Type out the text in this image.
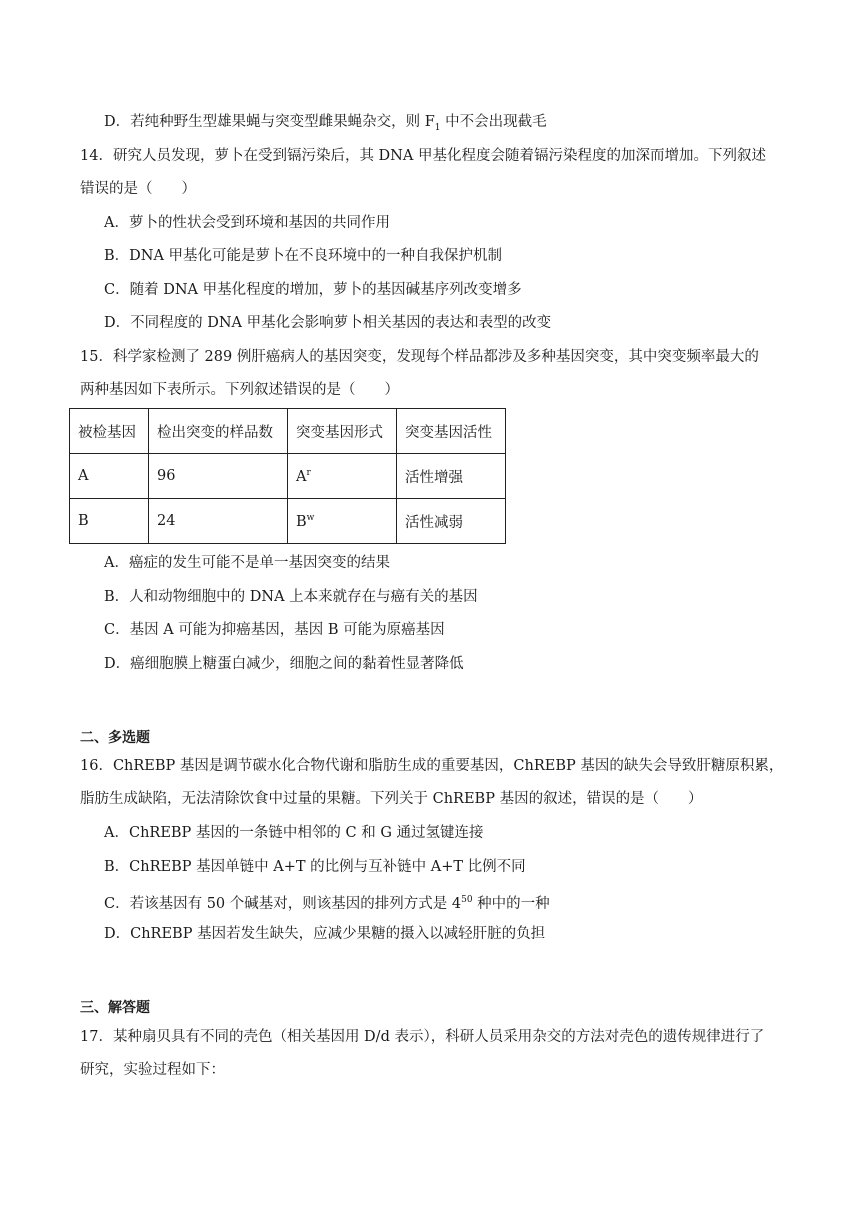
D．若纯种野生型雄果蝇与突变型雌果蝇杂交，则 $F_1$ 中不会出现截毛
14．研究人员发现，萝卜在受到镉污染后，其 DNA 甲基化程度会随着镉污染程度的加深而增加。下列叙述
错误的是（　　）
A．萝卜的性状会受到环境和基因的共同作用
B．DNA 甲基化可能是萝卜在不良环境中的一种自我保护机制
C．随着 DNA 甲基化程度的增加，萝卜的基因碱基序列改变增多
D．不同程度的 DNA 甲基化会影响萝卜相关基因的表达和表型的改变
15．科学家检测了 289 例肝癌病人的基因突变，发现每个样品都涉及多种基因突变，其中突变频率最大的
两种基因如下表所示。下列叙述错误的是（　　）
被检基因	检出突变的样品数	突变基因形式	突变基因活性
A	96	$A^r$	活性增强
B	24	$B^w$	活性减弱
A．癌症的发生可能不是单一基因突变的结果
B．人和动物细胞中的 DNA 上本来就存在与癌有关的基因
C．基因 A 可能为抑癌基因，基因 B 可能为原癌基因
D．癌细胞膜上糖蛋白减少，细胞之间的黏着性显著降低
二、多选题
16．ChREBP 基因是调节碳水化合物代谢和脂肪生成的重要基因，ChREBP 基因的缺失会导致肝糖原积累，
脂肪生成缺陷，无法清除饮食中过量的果糖。下列关于 ChREBP 基因的叙述，错误的是（　　）
A．ChREBP 基因的一条链中相邻的 C 和 G 通过氢键连接
B．ChREBP 基因单链中 A+T 的比例与互补链中 A+T 比例不同
C．若该基因有 50 个碱基对，则该基因的排列方式是 $4^{50}$ 种中的一种
D．ChREBP 基因若发生缺失，应减少果糖的摄入以减轻肝脏的负担
三、解答题
17．某种扇贝具有不同的壳色（相关基因用 D/d 表示），科研人员采用杂交的方法对壳色的遗传规律进行了
研究，实验过程如下：
